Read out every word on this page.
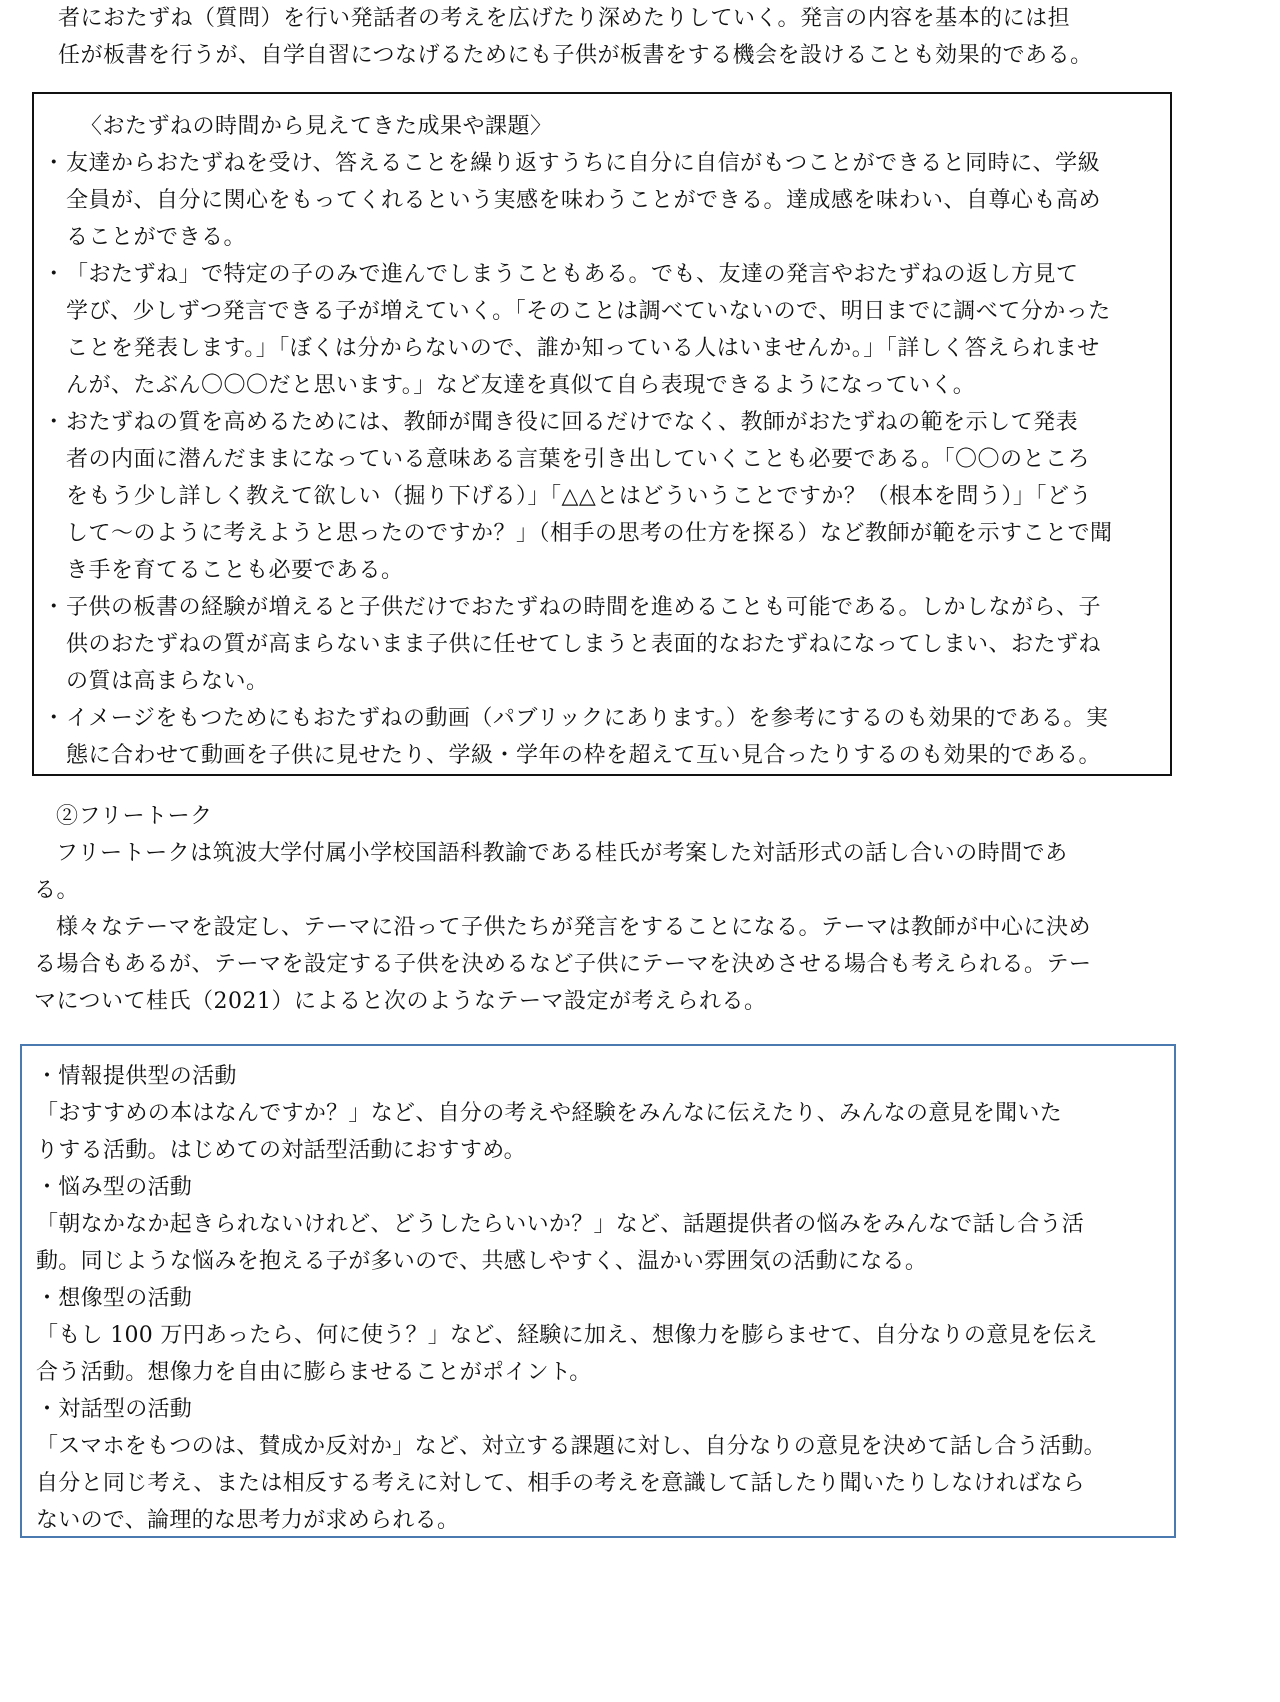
者におたずね（質問）を行い発話者の考えを広げたり深めたりしていく。発言の内容を基本的には担

任が板書を行うが、自学自習につなげるためにも子供が板書をする機会を設けることも効果的である。

〈おたずねの時間から見えてきた成果や課題〉

・ 友達からおたずねを受け、答えることを繰り返すうちに自分に自信がもつことができると同時に、学級

全員が、自分に関心をもってくれるという実感を味わうことができる。達成感を味わい、自尊心も高め

ることができる。

・ 「おたずね」で特定の子のみで進んでしまうこともある。でも、友達の発言やおたずねの返し方見て

学び、少しずつ発言できる子が増えていく。「そのことは調べていないので、明日までに調べて分かった

ことを発表します。」「ぼくは分からないので、誰か知っている人はいませんか。」「詳しく答えられませ

んが、たぶん〇〇〇だと思います。」など友達を真似て自ら表現できるようになっていく。

・ おたずねの質を高めるためには、教師が聞き役に回るだけでなく、教師がおたずねの範を示して発表

者の内面に潜んだままになっている意味ある言葉を引き出していくことも必要である。「〇〇のところ

をもう少し詳しく教えて欲しい（掘り下げる）」「△△とはどういうことですか？（根本を問う）」「どう

して～のように考えようと思ったのですか？」（相手の思考の仕方を探る）など教師が範を示すことで聞

き手を育てることも必要である。

・ 子供の板書の経験が増えると子供だけでおたずねの時間を進めることも可能である。しかしながら、子

供のおたずねの質が高まらないまま子供に任せてしまうと表面的なおたずねになってしまい、おたずね

の質は高まらない。

・ イメージをもつためにもおたずねの動画（パブリックにあります。）を参考にするのも効果的である。実

態に合わせて動画を子供に見せたり、学級・学年の枠を超えて互い見合ったりするのも効果的である。

②フリートーク

フリートークは筑波大学付属小学校国語科教諭である桂氏が考案した対話形式の話し合いの時間であ

る。

様々なテーマを設定し、テーマに沿って子供たちが発言をすることになる。テーマは教師が中心に決め

る場合もあるが、テーマを設定する子供を決めるなど子供にテーマを決めさせる場合も考えられる。テー

マについて桂氏（2021）によると次のようなテーマ設定が考えられる。

・情報提供型の活動

「おすすめの本はなんですか？」など、自分の考えや経験をみんなに伝えたり、みんなの意見を聞いた

りする活動。はじめての対話型活動におすすめ。

・悩み型の活動

「朝なかなか起きられないけれど、どうしたらいいか？」など、話題提供者の悩みをみんなで話し合う活

動。同じような悩みを抱える子が多いので、共感しやすく、温かい雰囲気の活動になる。

・想像型の活動

「もし 100 万円あったら、何に使う？」など、経験に加え、想像力を膨らませて、自分なりの意見を伝え

合う活動。想像力を自由に膨らませることがポイント。

・対話型の活動

「スマホをもつのは、賛成か反対か」など、対立する課題に対し、自分なりの意見を決めて話し合う活動。

自分と同じ考え、または相反する考えに対して、相手の考えを意識して話したり聞いたりしなければなら

ないので、論理的な思考力が求められる。
